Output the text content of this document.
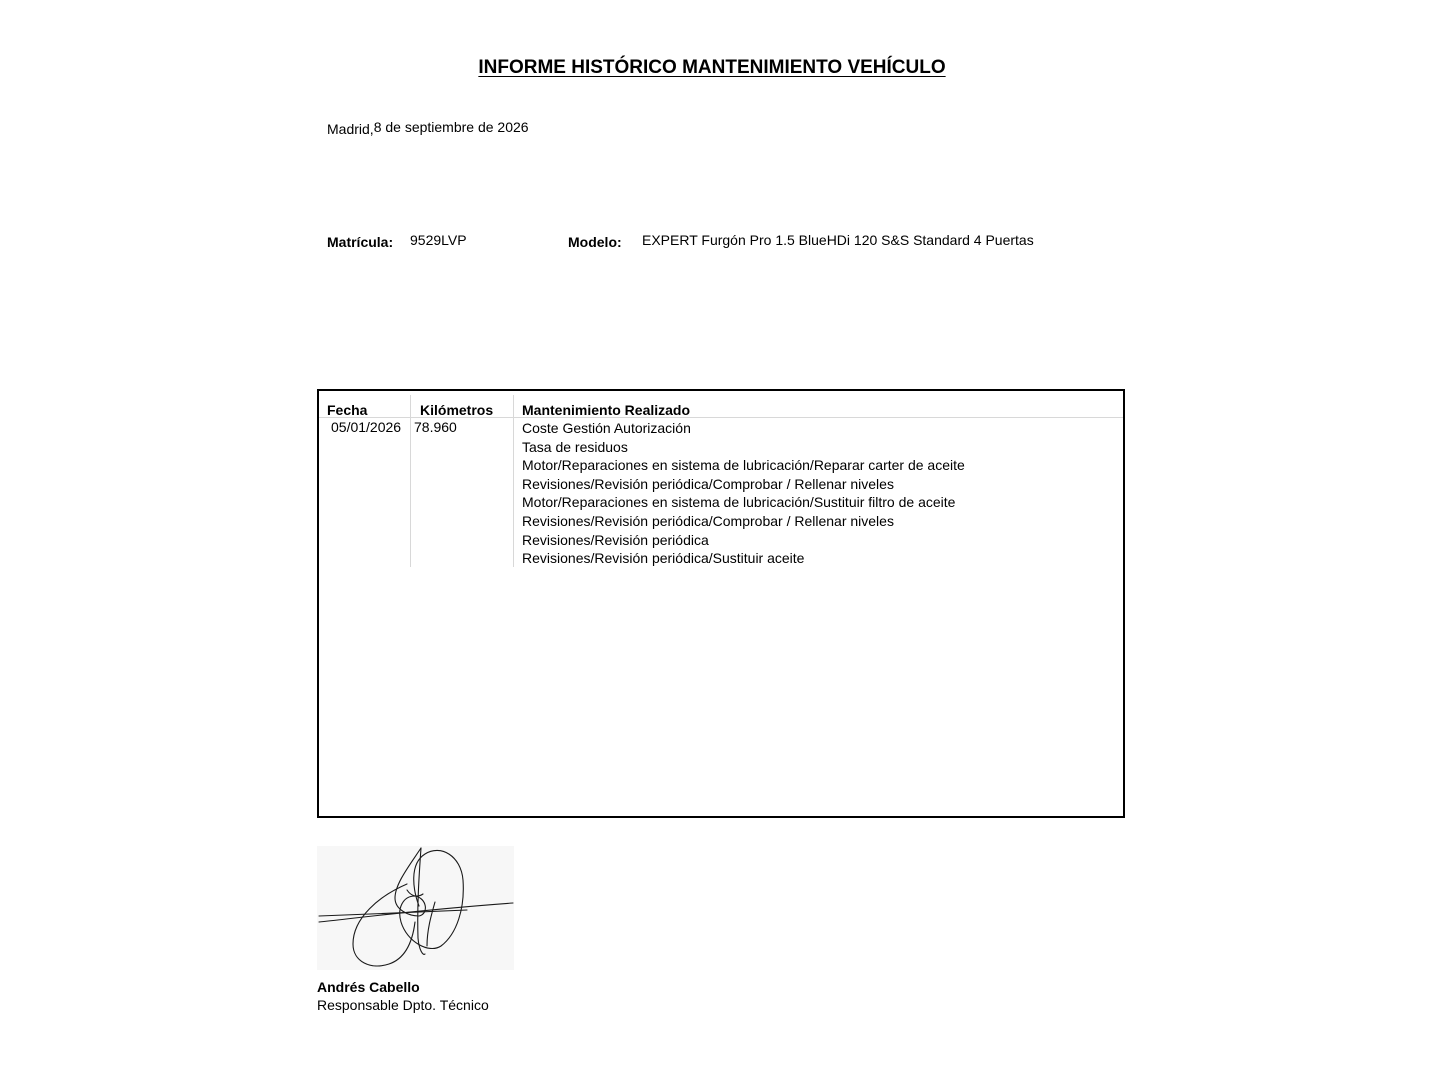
INFORME HISTÓRICO MANTENIMIENTO VEHÍCULO
Madrid,8 de septiembre de 2026
Matrícula: 9529LVP	Modelo: EXPERT Furgón Pro 1.5 BlueHDi 120 S&S Standard 4 Puertas
Fecha	Kilómetros Mantenimiento Realizado
05/01/2026 78.960	Coste Gestión Autorización
Tasa de residuos
Motor/Reparaciones en sistema de lubricación/Reparar carter de aceite
Revisiones/Revisión periódica/Comprobar / Rellenar niveles
Motor/Reparaciones en sistema de lubricación/Sustituir filtro de aceite
Revisiones/Revisión periódica/Comprobar / Rellenar niveles
Revisiones/Revisión periódica
Revisiones/Revisión periódica/Sustituir aceite
Andrés Cabello
Responsable Dpto. Técnico
